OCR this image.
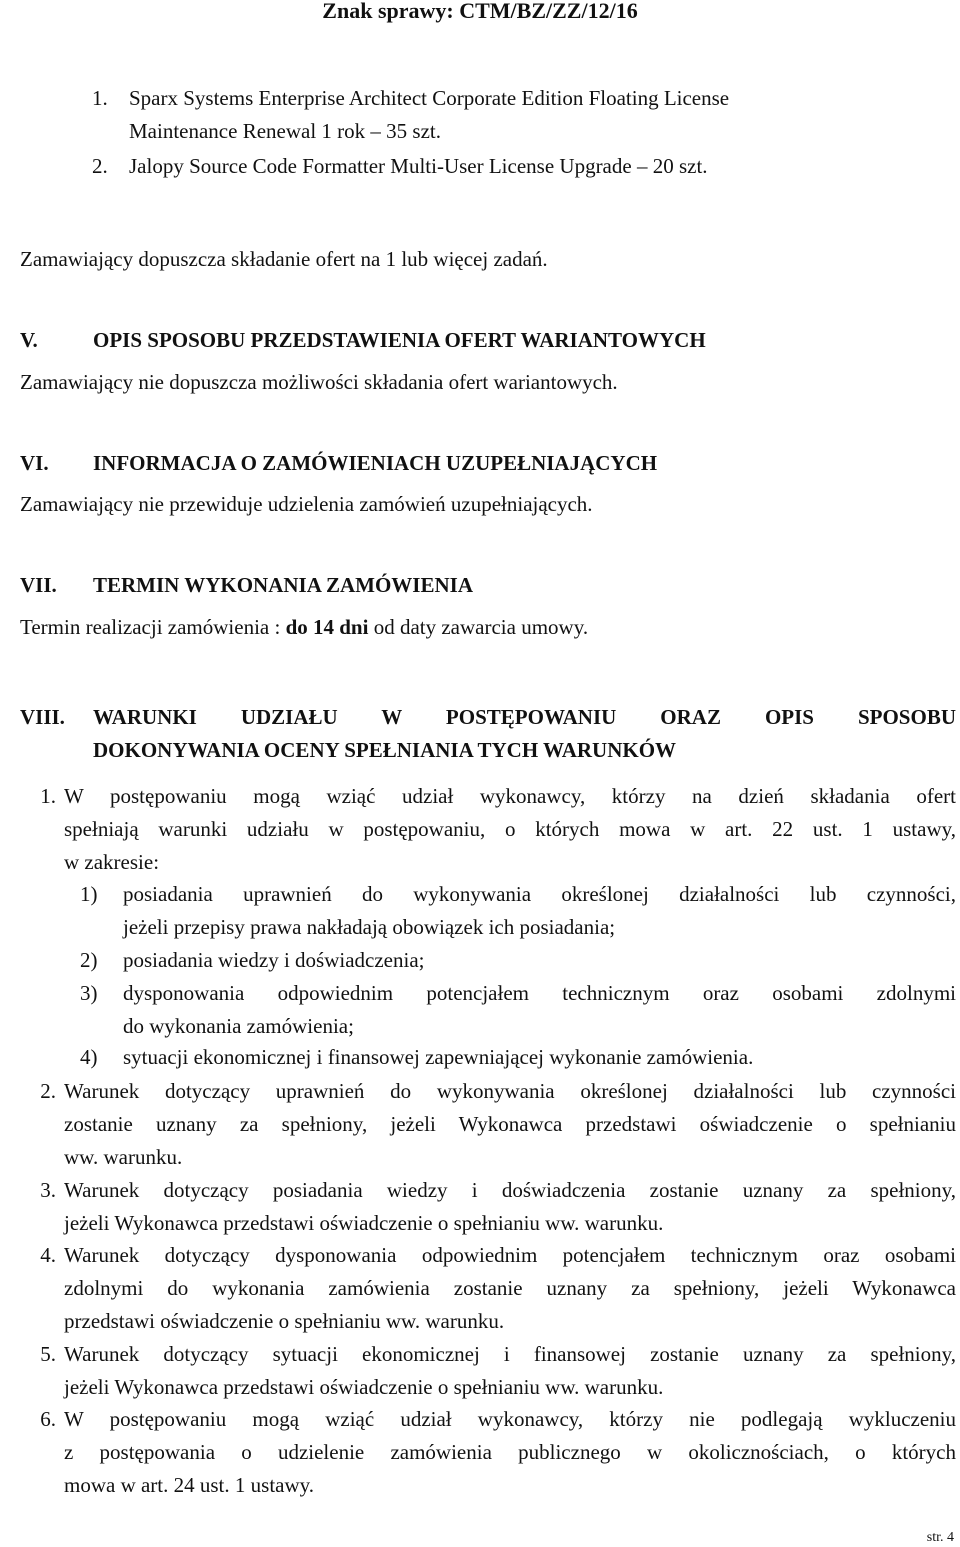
Znak sprawy: CTM/BZ/ZZ/12/16
1. Sparx Systems Enterprise Architect Corporate Edition Floating License
Maintenance Renewal 1 rok – 35 szt.
2. Jalopy Source Code Formatter Multi-User License Upgrade – 20 szt.
Zamawiający dopuszcza składanie ofert na 1 lub więcej zadań.
V.	OPIS SPOSOBU PRZEDSTAWIENIA OFERT WARIANTOWYCH
Zamawiający nie dopuszcza możliwości składania ofert wariantowych.
VI. INFORMACJA O ZAMÓWIENIACH UZUPEŁNIAJĄCYCH
Zamawiający nie przewiduje udzielenia zamówień uzupełniających.
VII. TERMIN WYKONANIA ZAMÓWIENIA
Termin realizacji zamówienia : do 14 dni od daty zawarcia umowy.
VIII. WARUNKI UDZIAŁU W POSTĘPOWANIU ORAZ OPIS SPOSOBU
DOKONYWANIA OCENY SPEŁNIANIA TYCH WARUNKÓW
1. W postępowaniu mogą wziąć udział wykonawcy, którzy na dzień składania ofert
spełniają warunki udziału w postępowaniu, o których mowa w art. 22 ust. 1 ustawy,
w zakresie:
1) posiadania uprawnień do wykonywania określonej działalności lub czynności,
jeżeli przepisy prawa nakładają obowiązek ich posiadania;
2) posiadania wiedzy i doświadczenia;
3) dysponowania odpowiednim potencjałem technicznym oraz osobami zdolnymi
do wykonania zamówienia;
4) sytuacji ekonomicznej i finansowej zapewniającej wykonanie zamówienia.
2. Warunek dotyczący uprawnień do wykonywania określonej działalności lub czynności
zostanie uznany za spełniony, jeżeli Wykonawca przedstawi oświadczenie o spełnianiu
ww. warunku.
3. Warunek dotyczący posiadania wiedzy i doświadczenia zostanie uznany za spełniony,
jeżeli Wykonawca przedstawi oświadczenie o spełnianiu ww. warunku.
4. Warunek dotyczący dysponowania odpowiednim potencjałem technicznym oraz osobami
zdolnymi do wykonania zamówienia zostanie uznany za spełniony, jeżeli Wykonawca
przedstawi oświadczenie o spełnianiu ww. warunku.
5. Warunek dotyczący sytuacji ekonomicznej i finansowej zostanie uznany za spełniony,
jeżeli Wykonawca przedstawi oświadczenie o spełnianiu ww. warunku.
6. W postępowaniu mogą wziąć udział wykonawcy, którzy nie podlegają wykluczeniu
z postępowania o udzielenie zamówienia publicznego w okolicznościach, o których
mowa w art. 24 ust. 1 ustawy.
str. 4
